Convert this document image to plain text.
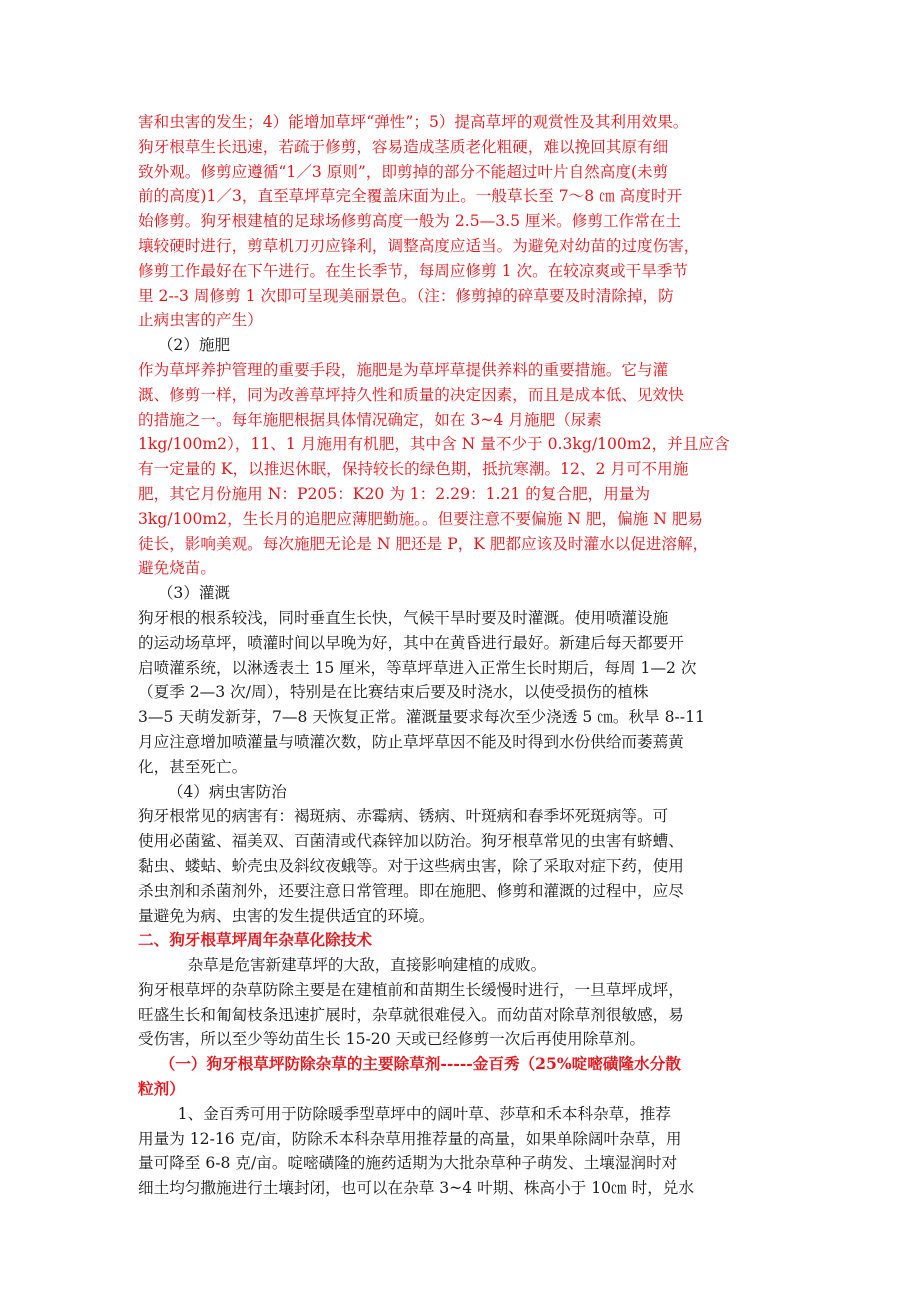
害和虫害的发生；4）能增加草坪“弹性”；5）提高草坪的观赏性及其利用效果。
狗牙根草生长迅速，若疏于修剪，容易造成茎质老化粗硬，难以挽回其原有细
致外观。修剪应遵循“1／3 原则”，即剪掉的部分不能超过叶片自然高度(未剪
前的高度)1／3，直至草坪草完全覆盖床面为止。一般草长至 7～8 ㎝ 高度时开
始修剪。狗牙根建植的足球场修剪高度一般为 2.5—3.5 厘米。修剪工作常在土
壤较硬时进行，剪草机刀刃应锋利，调整高度应适当。为避免对幼苗的过度伤害，
修剪工作最好在下午进行。在生长季节，每周应修剪 1 次。在较凉爽或干旱季节
里 2--3 周修剪 1 次即可呈现美丽景色。（注：修剪掉的碎草要及时清除掉，防
止病虫害的产生）
（2）施肥
作为草坪养护管理的重要手段，施肥是为草坪草提供养料的重要措施。它与灌
溉、修剪一样，同为改善草坪持久性和质量的决定因素，而且是成本低、见效快
的措施之一。每年施肥根据具体情况确定，如在 3~4 月施肥（尿素
1kg/100m2），11、1 月施用有机肥，其中含 N 量不少于 0.3kg/100m2，并且应含
有一定量的 K，以推迟休眠，保持较长的绿色期，抵抗寒潮。12、2 月可不用施
肥，其它月份施用 N：P205：K20 为 1：2.29：1.21 的复合肥，用量为
3kg/100m2，生长月的追肥应薄肥勤施。。但要注意不要偏施 N 肥，偏施 N 肥易
徒长，影响美观。每次施肥无论是 N 肥还是 P，K 肥都应该及时灌水以促进溶解，
避免烧苗。
（3）灌溉
狗牙根的根系较浅，同时垂直生长快，气候干旱时要及时灌溉。使用喷灌设施
的运动场草坪，喷灌时间以早晚为好，其中在黄昏进行最好。新建后每天都要开
启喷灌系统，以淋透表土 15 厘米，等草坪草进入正常生长时期后，每周 1—2 次
（夏季 2—3 次/周），特别是在比赛结束后要及时浇水，以使受损伤的植株
3—5 天萌发新芽，7—8 天恢复正常。灌溉量要求每次至少浇透 5 ㎝。秋旱 8--11
月应注意增加喷灌量与喷灌次数，防止草坪草因不能及时得到水份供给而萎蔫黄
化，甚至死亡。
（4）病虫害防治
狗牙根常见的病害有：褐斑病、赤霉病、锈病、叶斑病和春季坏死斑病等。可
使用必菌鲨、福美双、百菌清或代森锌加以防治。狗牙根草常见的虫害有蛴螬、
黏虫、蝼蛄、蚧壳虫及斜纹夜蛾等。对于这些病虫害，除了采取对症下药，使用
杀虫剂和杀菌剂外，还要注意日常管理。即在施肥、修剪和灌溉的过程中，应尽
量避免为病、虫害的发生提供适宜的环境。
二、狗牙根草坪周年杂草化除技术
杂草是危害新建草坪的大敌，直接影响建植的成败。
狗牙根草坪的杂草防除主要是在建植前和苗期生长缓慢时进行，一旦草坪成坪，
旺盛生长和匍匐枝条迅速扩展时，杂草就很难侵入。而幼苗对除草剂很敏感，易
受伤害，所以至少等幼苗生长 15-20 天或已经修剪一次后再使用除草剂。
（一）狗牙根草坪防除杂草的主要除草剂-----金百秀（25%啶嘧磺隆水分散
粒剂）
1、金百秀可用于防除暖季型草坪中的阔叶草、莎草和禾本科杂草，推荐
用量为 12-16 克/亩，防除禾本科杂草用推荐量的高量，如果单除阔叶杂草，用
量可降至 6-8 克/亩。啶嘧磺隆的施药适期为大批杂草种子萌发、土壤湿润时对
细土均匀撒施进行土壤封闭，也可以在杂草 3~4 叶期、株高小于 10㎝ 时，兑水
